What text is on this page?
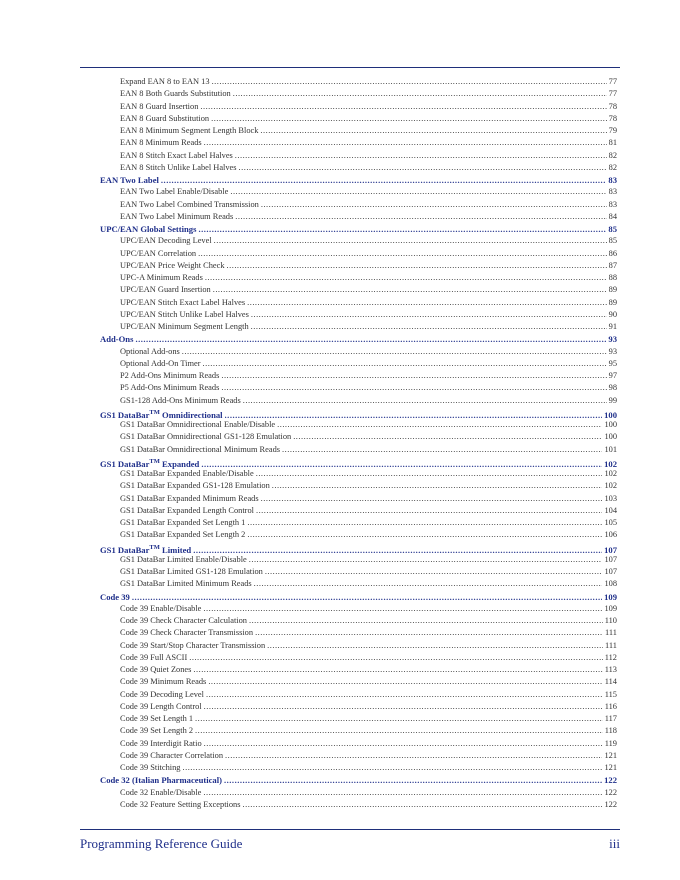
Expand EAN 8 to EAN 13 .....	77
EAN 8 Both Guards Substitution .....	77
EAN 8 Guard Insertion .....	78
EAN 8 Guard Substitution .....	78
EAN 8 Minimum Segment Length Block .....	79
EAN 8 Minimum Reads .....	81
EAN 8 Stitch Exact Label Halves .....	82
EAN 8 Stitch Unlike Label Halves .....	82
EAN Two Label .....	83
EAN Two Label Enable/Disable .....	83
EAN Two Label Combined Transmission .....	83
EAN Two Label Minimum Reads .....	84
UPC/EAN Global Settings .....	85
UPC/EAN Decoding Level .....	85
UPC/EAN Correlation .....	86
UPC/EAN Price Weight Check .....	87
UPC-A Minimum Reads .....	88
UPC/EAN Guard Insertion .....	89
UPC/EAN Stitch Exact Label Halves .....	89
UPC/EAN Stitch Unlike Label Halves .....	90
UPC/EAN Minimum Segment Length .....	91
Add-Ons .....	93
Optional Add-ons .....	93
Optional Add-On Timer .....	95
P2 Add-Ons Minimum Reads .....	97
P5 Add-Ons Minimum Reads .....	98
GS1-128 Add-Ons Minimum Reads .....	99
GS1 DataBar™ Omnidirectional .....	100
GS1 DataBar Omnidirectional Enable/Disable .....	100
GS1 DataBar Omnidirectional GS1-128 Emulation .....	100
GS1 DataBar Omnidirectional Minimum Reads .....	101
GS1 DataBar™ Expanded .....	102
GS1 DataBar Expanded Enable/Disable .....	102
GS1 DataBar Expanded GS1-128 Emulation .....	102
GS1 DataBar Expanded Minimum Reads .....	103
GS1 DataBar Expanded Length Control .....	104
GS1 DataBar Expanded Set Length 1 .....	105
GS1 DataBar Expanded Set Length 2 .....	106
GS1 DataBar™ Limited .....	107
GS1 DataBar Limited Enable/Disable .....	107
GS1 DataBar Limited GS1-128 Emulation .....	107
GS1 DataBar Limited Minimum Reads .....	108
Code 39 .....	109
Code 39 Enable/Disable .....	109
Code 39 Check Character Calculation .....	110
Code 39 Check Character Transmission .....	111
Code 39 Start/Stop Character Transmission .....	111
Code 39 Full ASCII .....	112
Code 39 Quiet Zones .....	113
Code 39 Minimum Reads .....	114
Code 39 Decoding Level .....	115
Code 39 Length Control .....	116
Code 39 Set Length 1 .....	117
Code 39 Set Length 2 .....	118
Code 39 Interdigit Ratio .....	119
Code 39 Character Correlation .....	121
Code 39 Stitching .....	121
Code 32 (Italian Pharmaceutical) .....	122
Code 32 Enable/Disable .....	122
Code 32 Feature Setting Exceptions .....	122
Programming Reference Guide	iii
